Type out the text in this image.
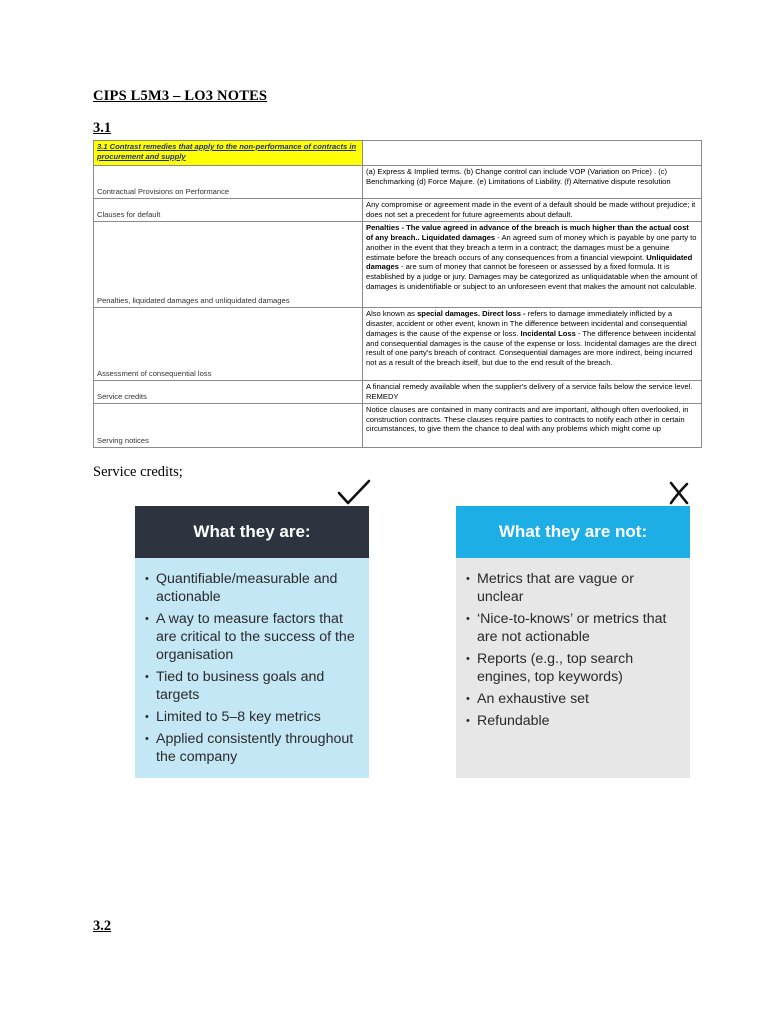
CIPS L5M3 – LO3 NOTES
3.1
3.1 Contrast remedies that apply to the non-performance of contracts in procurement and supply	
Contractual Provisions on Performance	(a) Express & Implied terms. (b) Change control can include VOP (Variation on Price) . (c) Benchmarking (d) Force Majure. (e) Limitations of Liability. (f) Alternative dispute resolution
Clauses for default	Any compromise or agreement made in the event of a default should be made without prejudice; it does not set a precedent for future agreements about default.
Penalties, liquidated damages and unliquidated damages	Penalties - The value agreed in advance of the breach is much higher than the actual cost of any breach.. Liquidated damages - An agreed sum of money which is payable by one party to another in the event that they breach a term in a contract; the damages must be a genuine estimate before the breach occurs of any consequences from a financial viewpoint. Unliquidated damages - are sum of money that cannot be foreseen or assessed by a fixed formula. It is established by a judge or jury. Damages may be categorized as unliquidatable when the amount of damages is unidentifiable or subject to an unforeseen event that makes the amount not calculable.
Assessment of consequential loss	Also known as special damages. Direct loss - refers to damage immediately inflicted by a disaster, accident or other event, known in The difference between incidental and consequential damages is the cause of the expense or loss. Incidental Loss - The difference between incidental and consequential damages is the cause of the expense or loss. Incidental damages are the direct result of one party's breach of contract. Consequential damages are more indirect, being incurred not as a result of the breach itself, but due to the end result of the breach.
Service credits	A financial remedy available when the supplier's delivery of a service fails below the service level. REMEDY
Serving notices	Notice clauses are contained in many contracts and are important, although often overlooked, in construction contracts. These clauses require parties to contracts to notify each other in certain circumstances, to give them the chance to deal with any problems which might come up
Service credits;
What they are:
• Quantifiable/measurable and actionable
• A way to measure factors that are critical to the success of the organisation
• Tied to business goals and targets
• Limited to 5–8 key metrics
• Applied consistently throughout the company
What they are not:
• Metrics that are vague or unclear
• ‘Nice-to-knows’ or metrics that are not actionable
• Reports (e.g., top search engines, top keywords)
• An exhaustive set
• Refundable
3.2
